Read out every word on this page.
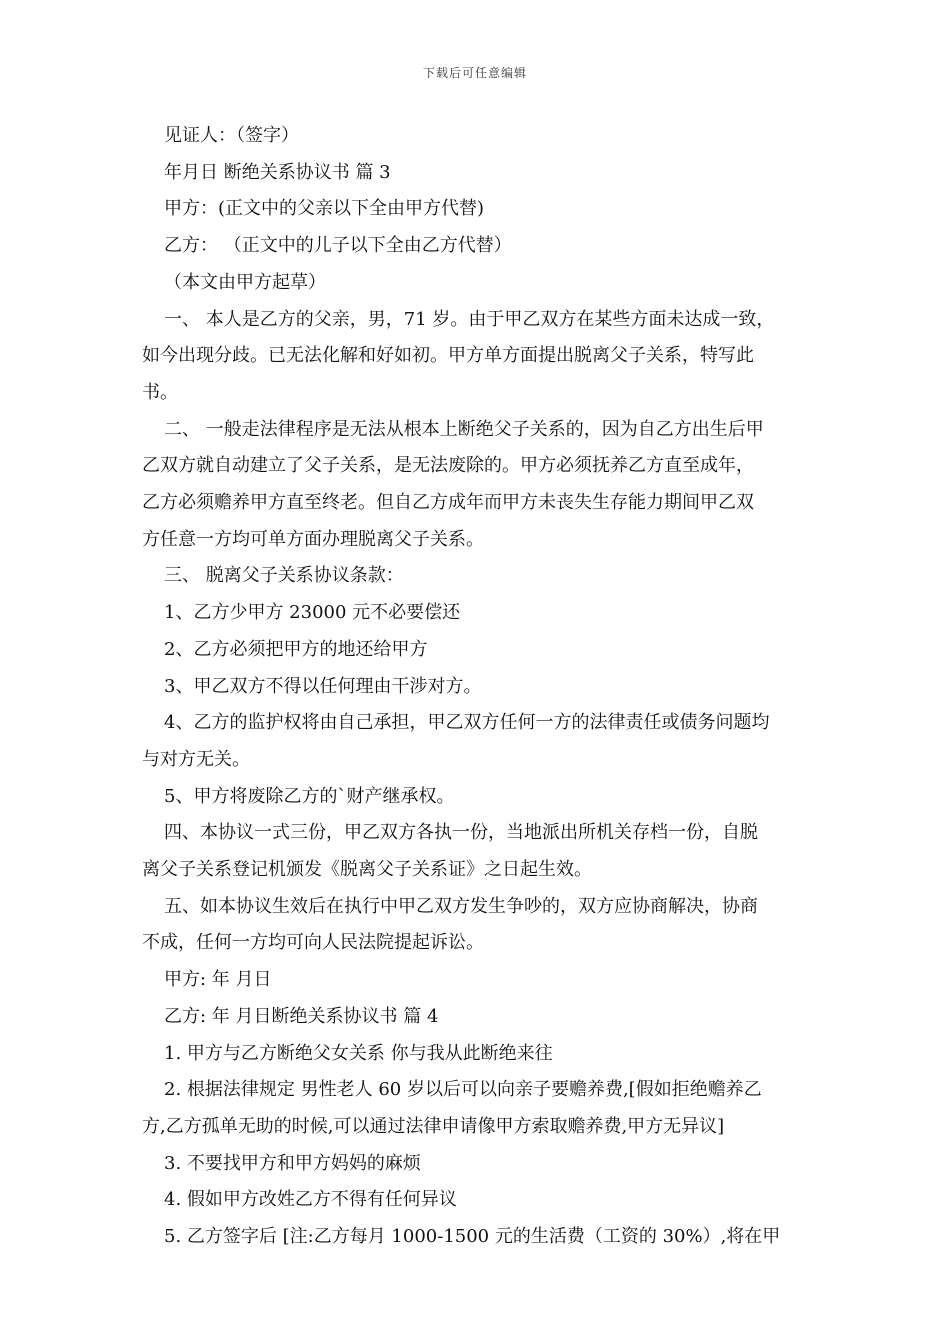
下载后可任意编辑
见证人：（签字）
年月日 断绝关系协议书 篇 3
甲方：(正文中的父亲以下全由甲方代替)
乙方： （正文中的儿子以下全由乙方代替）
（本文由甲方起草）
一、 本人是乙方的父亲，男，71 岁。由于甲乙双方在某些方面未达成一致，
如今出现分歧。已无法化解和好如初。甲方单方面提出脱离父子关系，特写此
书。
二、 一般走法律程序是无法从根本上断绝父子关系的，因为自乙方出生后甲
乙双方就自动建立了父子关系，是无法废除的。甲方必须抚养乙方直至成年，
乙方必须赡养甲方直至终老。但自乙方成年而甲方未丧失生存能力期间甲乙双
方任意一方均可单方面办理脱离父子关系。
三、 脱离父子关系协议条款：
1、乙方少甲方 23000 元不必要偿还
2、乙方必须把甲方的地还给甲方
3、甲乙双方不得以任何理由干涉对方。
4、乙方的监护权将由自己承担，甲乙双方任何一方的法律责任或债务问题均
与对方无关。
5、甲方将废除乙方的`财产继承权。
四、本协议一式三份，甲乙双方各执一份，当地派出所机关存档一份，自脱
离父子关系登记机颁发《脱离父子关系证》之日起生效。
五、如本协议生效后在执行中甲乙双方发生争吵的，双方应协商解决，协商
不成，任何一方均可向人民法院提起诉讼。
甲方: 年 月日
乙方: 年 月日断绝关系协议书 篇 4
1. 甲方与乙方断绝父女关系 你与我从此断绝来往
2. 根据法律规定 男性老人 60 岁以后可以向亲子要赡养费,[假如拒绝赡养乙
方,乙方孤单无助的时候,可以通过法律申请像甲方索取赡养费,甲方无异议]
3. 不要找甲方和甲方妈妈的麻烦
4. 假如甲方改姓乙方不得有任何异议
5. 乙方签字后 [注:乙方每月 1000-1500 元的生活费（工资的 30%）,将在甲
